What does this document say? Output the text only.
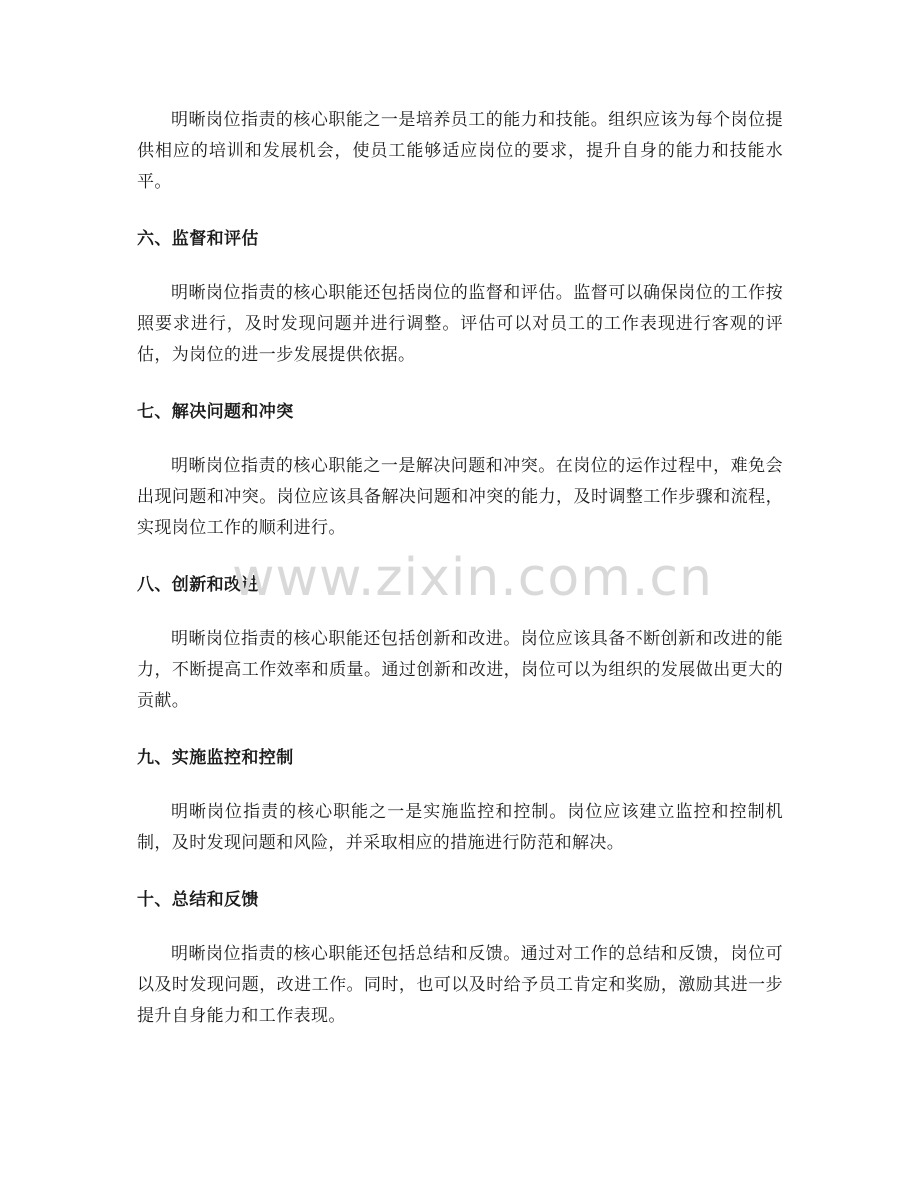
明晰岗位指责的核心职能之一是培养员工的能力和技能。组织应该为每个岗位提供相应的培训和发展机会，使员工能够适应岗位的要求，提升自身的能力和技能水平。

六、监督和评估

明晰岗位指责的核心职能还包括岗位的监督和评估。监督可以确保岗位的工作按照要求进行，及时发现问题并进行调整。评估可以对员工的工作表现进行客观的评估，为岗位的进一步发展提供依据。

七、解决问题和冲突

明晰岗位指责的核心职能之一是解决问题和冲突。在岗位的运作过程中，难免会出现问题和冲突。岗位应该具备解决问题和冲突的能力，及时调整工作步骤和流程，实现岗位工作的顺利进行。

八、创新和改进

明晰岗位指责的核心职能还包括创新和改进。岗位应该具备不断创新和改进的能力，不断提高工作效率和质量。通过创新和改进，岗位可以为组织的发展做出更大的贡献。

九、实施监控和控制

明晰岗位指责的核心职能之一是实施监控和控制。岗位应该建立监控和控制机制，及时发现问题和风险，并采取相应的措施进行防范和解决。

十、总结和反馈

明晰岗位指责的核心职能还包括总结和反馈。通过对工作的总结和反馈，岗位可以及时发现问题，改进工作。同时，也可以及时给予员工肯定和奖励，激励其进一步提升自身能力和工作表现。

www.zixin.com.cn
